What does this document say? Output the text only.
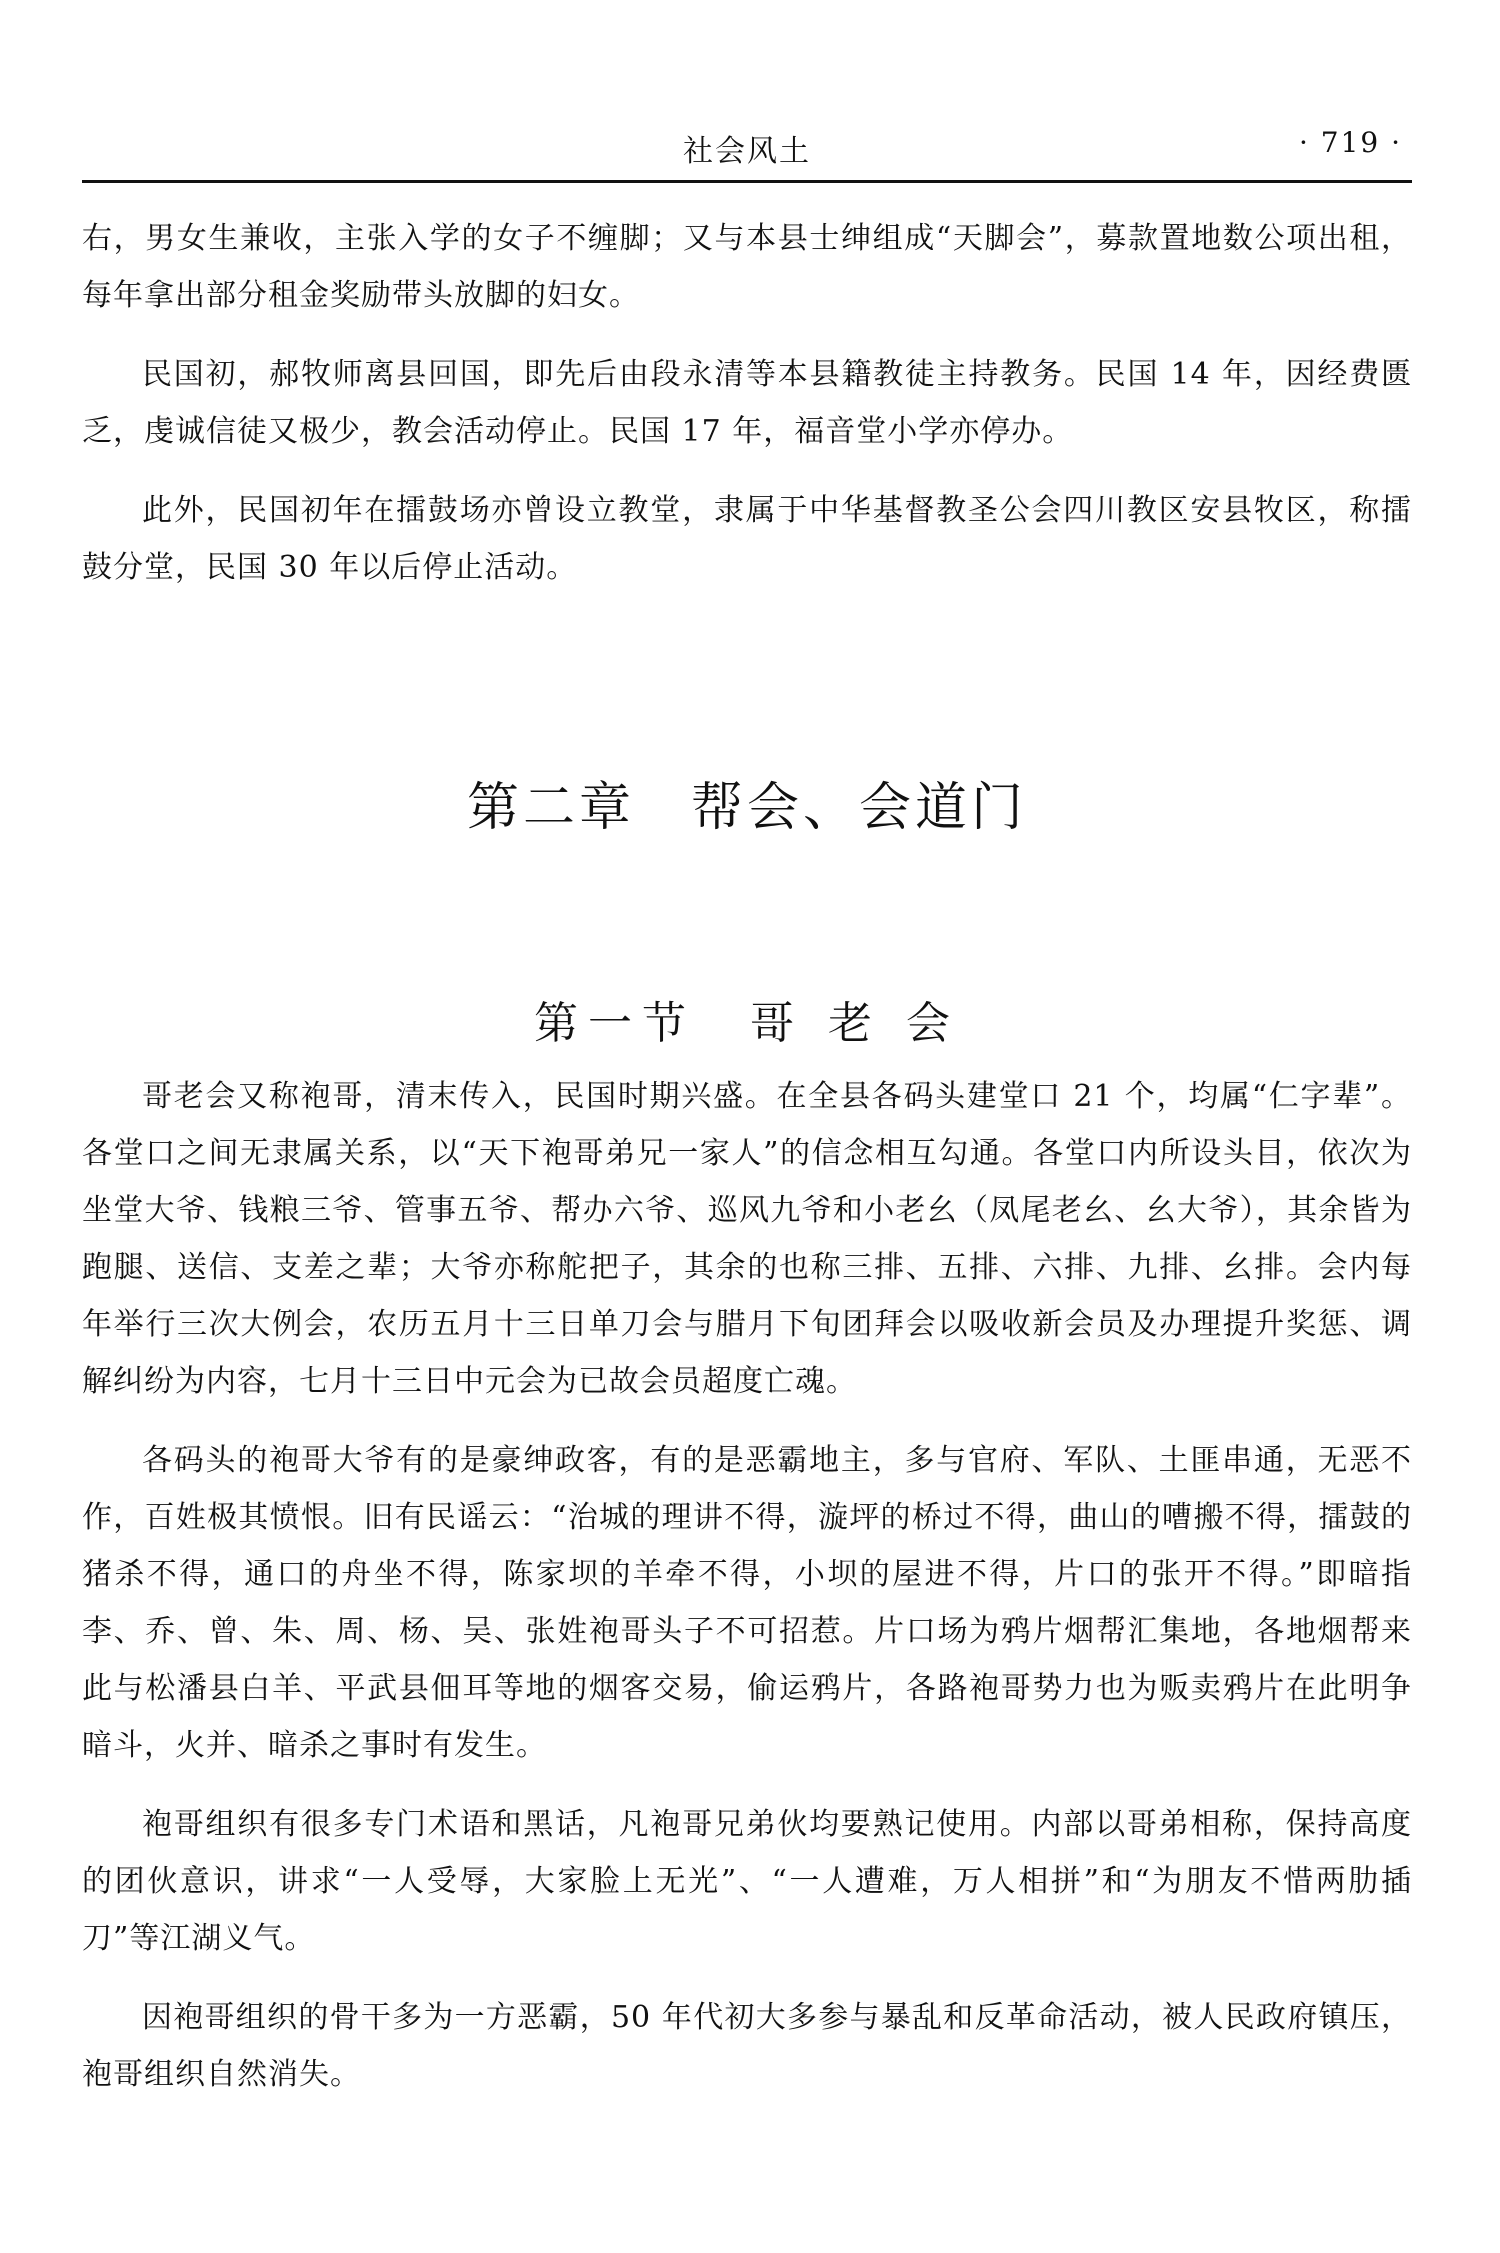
社会风土	· 719 ·

右，男女生兼收，主张入学的女子不缠脚；又与本县士绅组成“天脚会”，募款置地数公项出租，每年拿出部分租金奖励带头放脚的妇女。

民国初，郝牧师离县回国，即先后由段永清等本县籍教徒主持教务。民国 14 年，因经费匮乏，虔诚信徒又极少，教会活动停止。民国 17 年，福音堂小学亦停办。

此外，民国初年在擂鼓场亦曾设立教堂，隶属于中华基督教圣公会四川教区安县牧区，称擂鼓分堂，民国 30 年以后停止活动。

第二章　帮会、会道门
第一节　哥 老 会

哥老会又称袍哥，清末传入，民国时期兴盛。在全县各码头建堂口 21 个，均属“仁字辈”。各堂口之间无隶属关系，以“天下袍哥弟兄一家人”的信念相互勾通。各堂口内所设头目，依次为坐堂大爷、钱粮三爷、管事五爷、帮办六爷、巡风九爷和小老幺（凤尾老幺、幺大爷），其余皆为跑腿、送信、支差之辈；大爷亦称舵把子，其余的也称三排、五排、六排、九排、幺排。会内每年举行三次大例会，农历五月十三日单刀会与腊月下旬团拜会以吸收新会员及办理提升奖惩、调解纠纷为内容，七月十三日中元会为已故会员超度亡魂。

各码头的袍哥大爷有的是豪绅政客，有的是恶霸地主，多与官府、军队、土匪串通，无恶不作，百姓极其愤恨。旧有民谣云：“治城的理讲不得，漩坪的桥过不得，曲山的嘈搬不得，擂鼓的猪杀不得，通口的舟坐不得，陈家坝的羊牵不得，小坝的屋进不得，片口的张开不得。”即暗指李、乔、曾、朱、周、杨、吴、张姓袍哥头子不可招惹。片口场为鸦片烟帮汇集地，各地烟帮来此与松潘县白羊、平武县佃耳等地的烟客交易，偷运鸦片，各路袍哥势力也为贩卖鸦片在此明争暗斗，火并、暗杀之事时有发生。

袍哥组织有很多专门术语和黑话，凡袍哥兄弟伙均要熟记使用。内部以哥弟相称，保持高度的团伙意识，讲求“一人受辱，大家脸上无光”、“一人遭难，万人相拼”和“为朋友不惜两肋插刀”等江湖义气。

因袍哥组织的骨干多为一方恶霸，50 年代初大多参与暴乱和反革命活动，被人民政府镇压，袍哥组织自然消失。
